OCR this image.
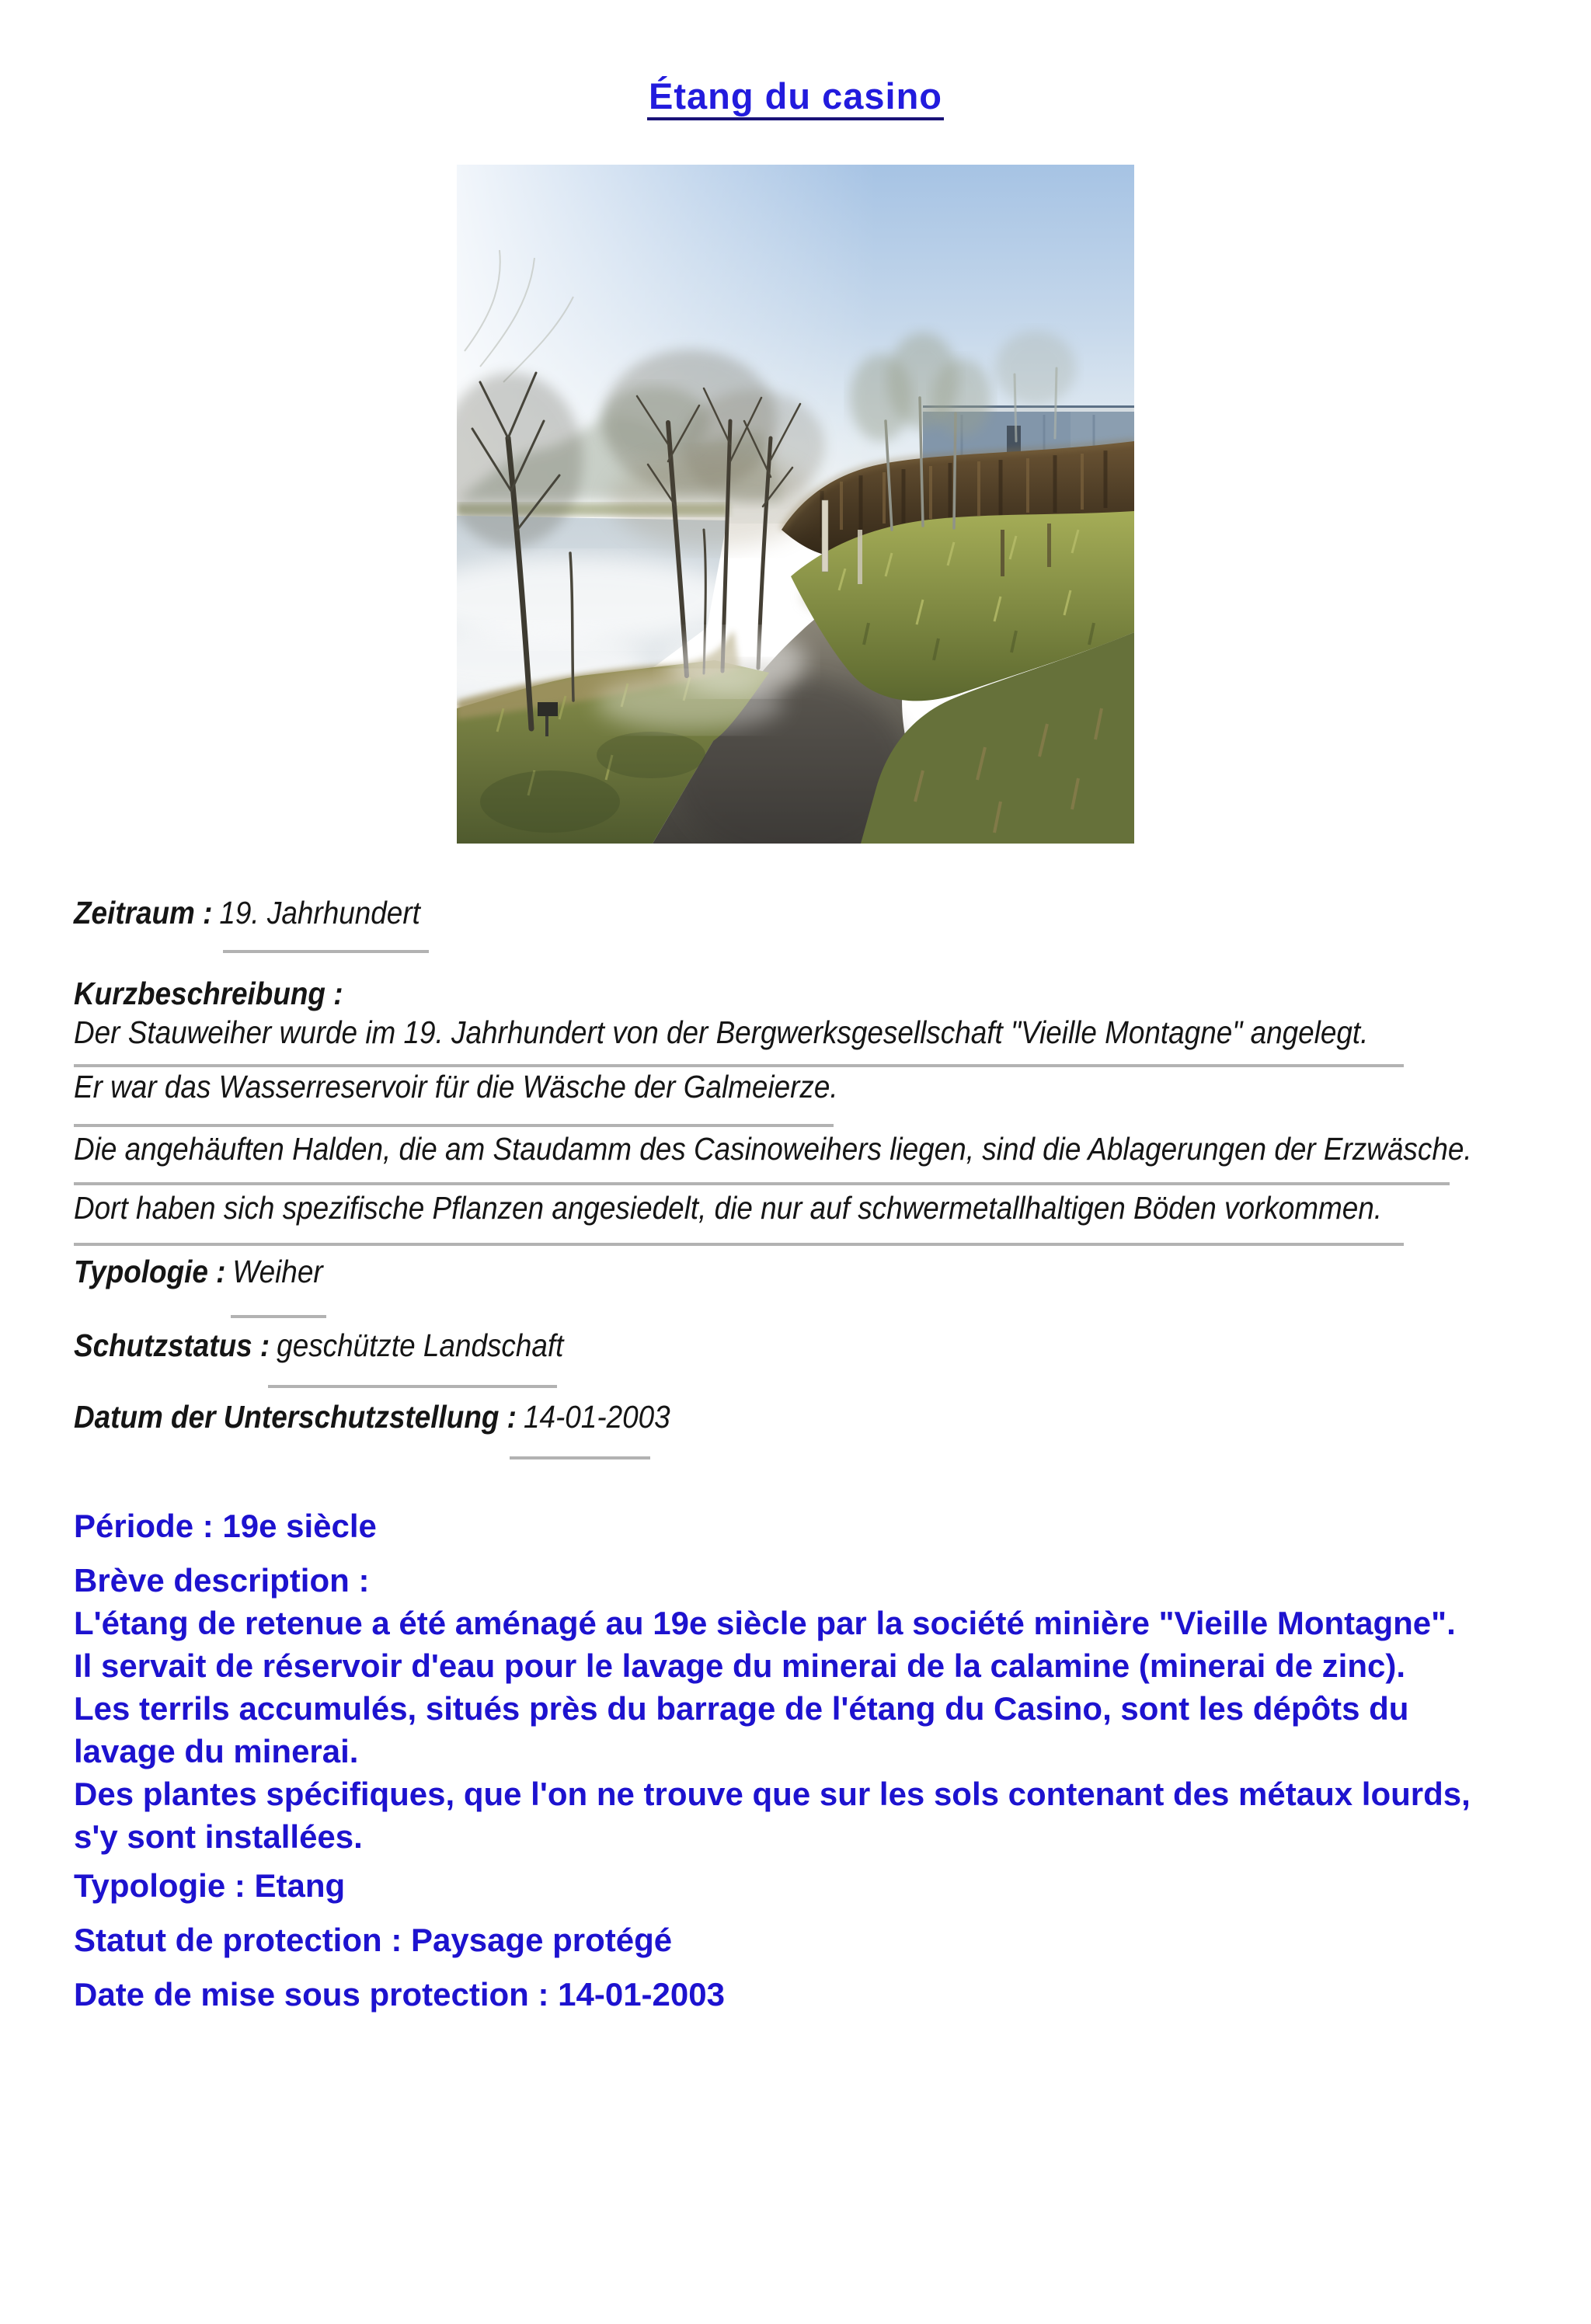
Étang du casino
Zeitraum : 19. Jahrhundert
Kurzbeschreibung :
Der Stauweiher wurde im 19. Jahrhundert von der Bergwerksgesellschaft "Vieille Montagne" angelegt.
Er war das Wasserreservoir für die Wäsche der Galmeierze.
Die angehäuften Halden, die am Staudamm des Casinoweihers liegen, sind die Ablagerungen der Erzwäsche.
Dort haben sich spezifische Pflanzen angesiedelt, die nur auf schwermetallhaltigen Böden vorkommen.
Typologie : Weiher
Schutzstatus : geschützte Landschaft
Datum der Unterschutzstellung : 14-01-2003
Période : 19e siècle
Brève description :
L'étang de retenue a été aménagé au 19e siècle par la société minière "Vieille Montagne".
Il servait de réservoir d'eau pour le lavage du minerai de la calamine (minerai de zinc).
Les terrils accumulés, situés près du barrage de l'étang du Casino, sont les dépôts du lavage du minerai.
Des plantes spécifiques, que l'on ne trouve que sur les sols contenant des métaux lourds, s'y sont installées.
Typologie : Etang
Statut de protection : Paysage protégé
Date de mise sous protection : 14-01-2003
